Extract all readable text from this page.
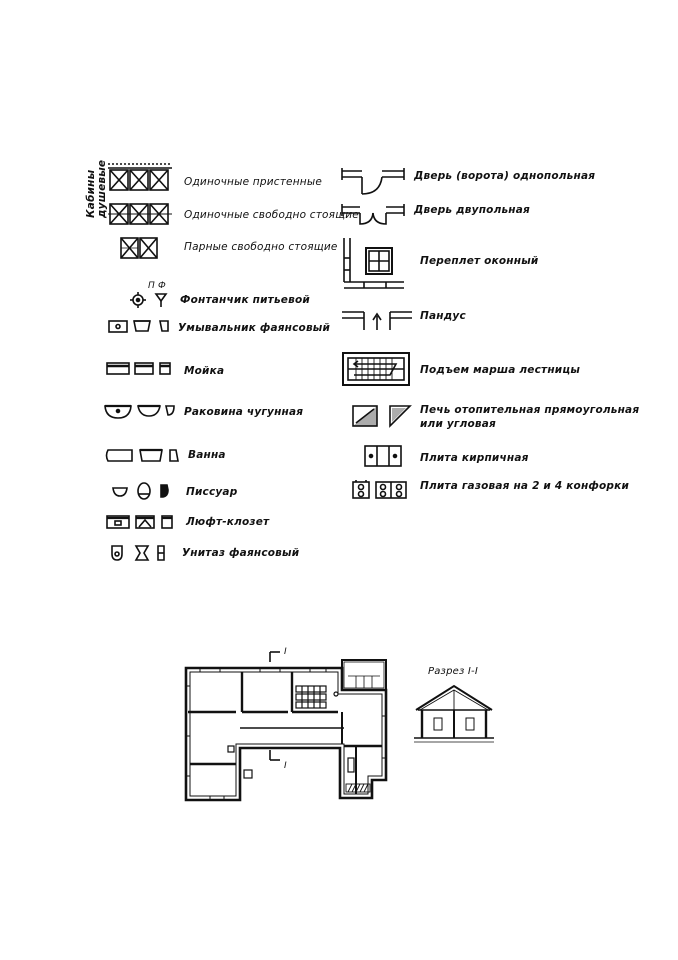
Кабины душевые	Одиночные пристенные
Одиночные свободно стоящие
Парные свободно стоящие
П Ф
Фонтанчик питьевой
Умывальник фаянсовый
Мойка
Раковина чугунная
Ванна
Писсуар
Люфт-клозет
Унитаз фаянсовый
Дверь (ворота) однопольная
Дверь двупольная
Переплет оконный
Пандус
Подъем марша лестницы
Печь отопительная прямоугольная
или угловая
Плита кирпичная
Плита газовая на 2 и 4 конфорки
I
I
Разрез I-I
